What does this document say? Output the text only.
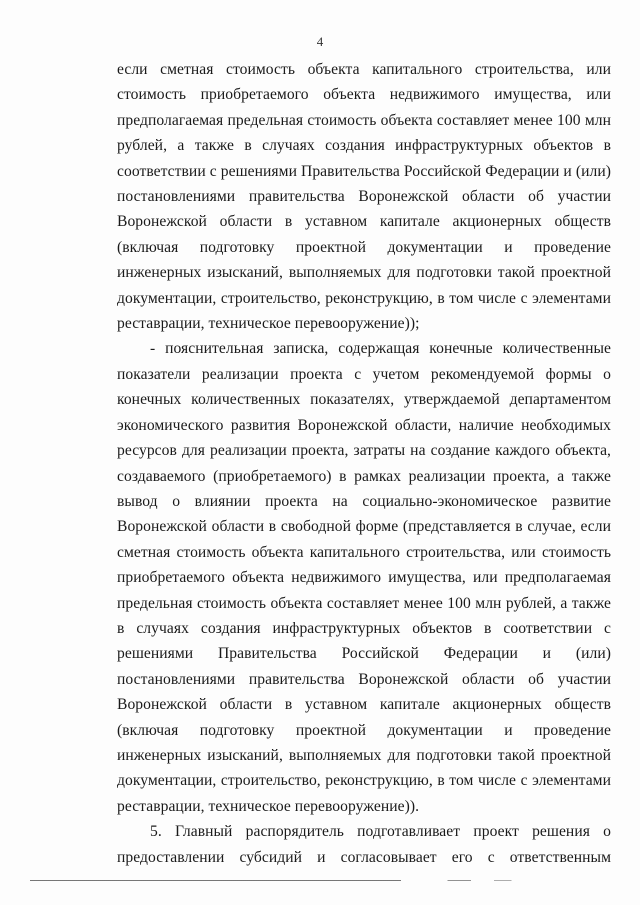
4

если сметная стоимость объекта капитального строительства, или стоимость приобретаемого объекта недвижимого имущества, или предполагаемая предельная стоимость объекта составляет менее 100 млн рублей, а также в случаях создания инфраструктурных объектов в соответствии с решениями Правительства Российской Федерации и (или) постановлениями правительства Воронежской области об участии Воронежской области в уставном капитале акционерных обществ (включая подготовку проектной документации и проведение инженерных изысканий, выполняемых для подготовки такой проектной документации, строительство, реконструкцию, в том числе с элементами реставрации, техническое перевооружение));

- пояснительная записка, содержащая конечные количественные показатели реализации проекта с учетом рекомендуемой формы о конечных количественных показателях, утверждаемой департаментом экономического развития Воронежской области, наличие необходимых ресурсов для реализации проекта, затраты на создание каждого объекта, создаваемого (приобретаемого) в рамках реализации проекта, а также вывод о влиянии проекта на социально-экономическое развитие Воронежской области в свободной форме (представляется в случае, если сметная стоимость объекта капитального строительства, или стоимость приобретаемого объекта недвижимого имущества, или предполагаемая предельная стоимость объекта составляет менее 100 млн рублей, а также в случаях создания инфраструктурных объектов в соответствии с решениями Правительства Российской Федерации и (или) постановлениями правительства Воронежской области об участии Воронежской области в уставном капитале акционерных обществ (включая подготовку проектной документации и проведение инженерных изысканий, выполняемых для подготовки такой проектной документации, строительство, реконструкцию, в том числе с элементами реставрации, техническое перевооружение)).

5. Главный распорядитель подготавливает проект решения о предоставлении субсидий и согласовывает его с ответственным
